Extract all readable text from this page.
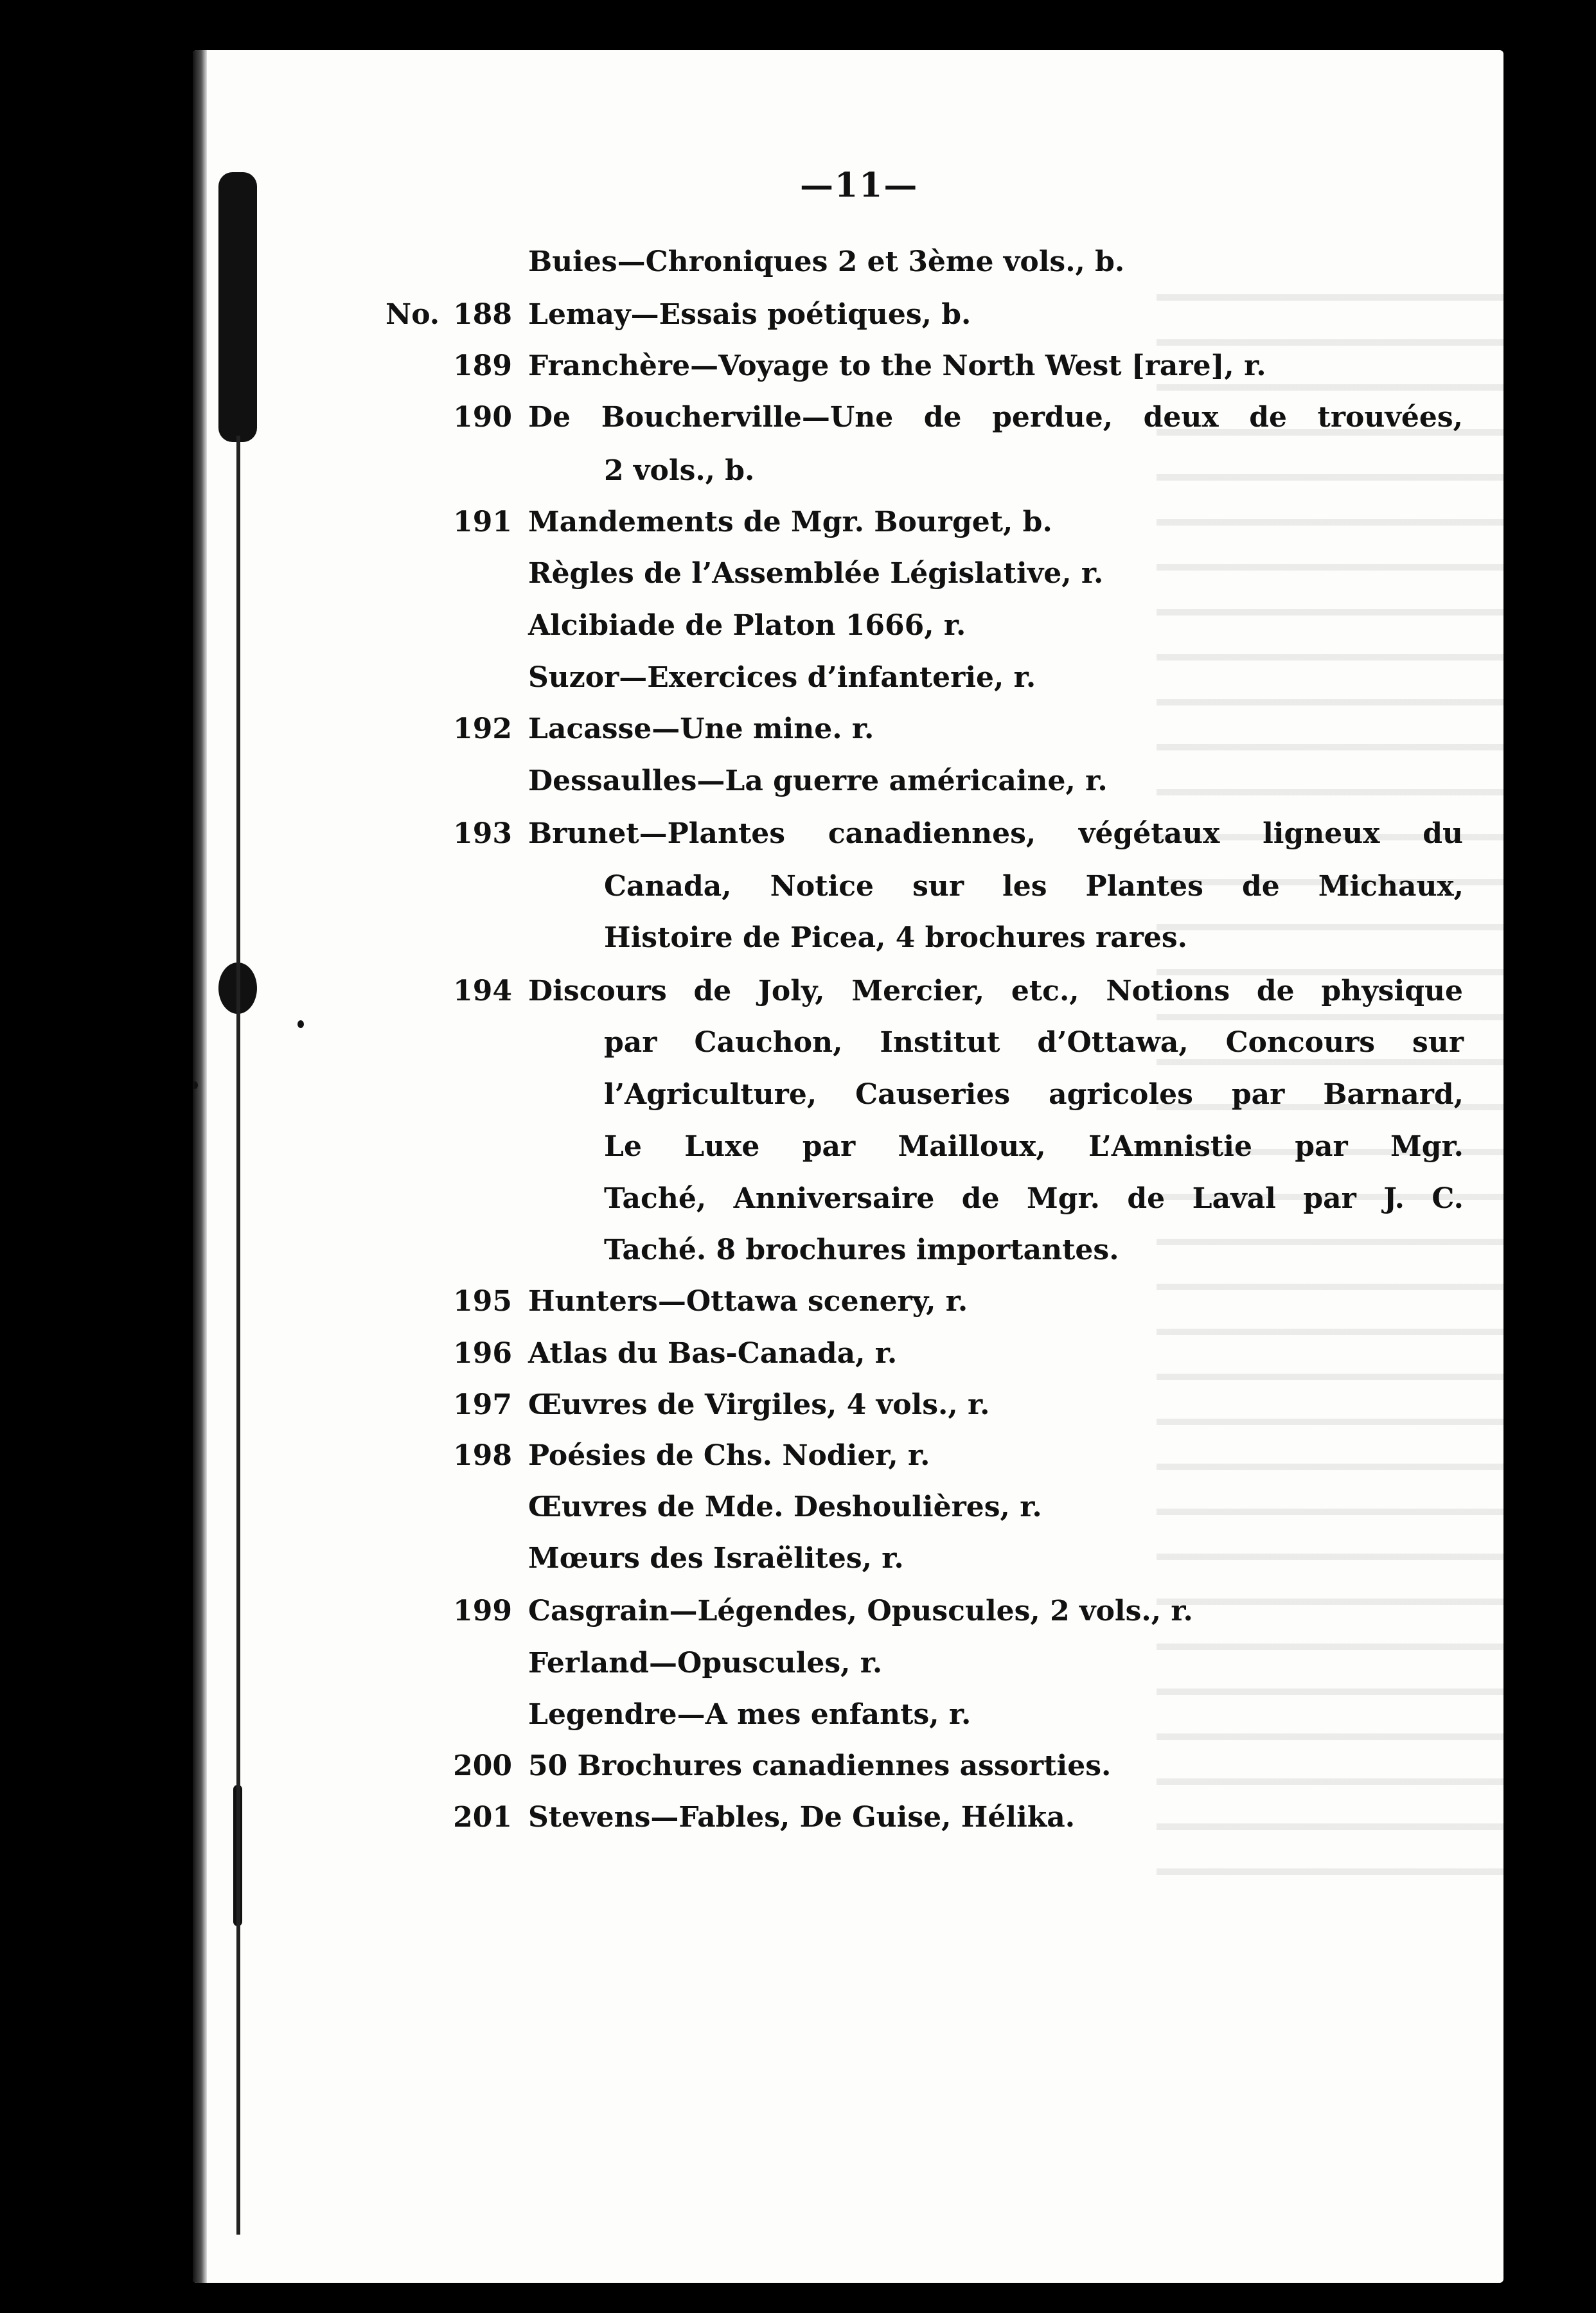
—11—
Buies—Chroniques 2 et 3ème vols., b.
No. 188 Lemay—Essais poétiques, b.
189 Franchère—Voyage to the North West [rare], r.
190 De Boucherville—Une de perdue, deux de trouvées,
2 vols., b.
191 Mandements de Mgr. Bourget, b.
Règles de l’Assemblée Législative, r.
Alcibiade de Platon 1666, r.
Suzor—Exercices d’infanterie, r.
192 Lacasse—Une mine. r.
Dessaulles—La guerre américaine, r.
193 Brunet—Plantes canadiennes, végétaux ligneux du
Canada, Notice sur les Plantes de Michaux,
Histoire de Picea, 4 brochures rares.
194 Discours de Joly, Mercier, etc., Notions de physique
par Cauchon, Institut d’Ottawa, Concours sur
l’Agriculture, Causeries agricoles par Barnard,
Le Luxe par Mailloux, L’Amnistie par Mgr.
Taché, Anniversaire de Mgr. de Laval par J. C.
Taché. 8 brochures importantes.
195 Hunters—Ottawa scenery, r.
196 Atlas du Bas-Canada, r.
197 Œuvres de Virgiles, 4 vols., r.
198 Poésies de Chs. Nodier, r.
Œuvres de Mde. Deshoulières, r.
Mœurs des Israëlites, r.
199 Casgrain—Légendes, Opuscules, 2 vols., r.
Ferland—Opuscules, r.
Legendre—A mes enfants, r.
200 50 Brochures canadiennes assorties.
201 Stevens—Fables, De Guise, Hélika.
